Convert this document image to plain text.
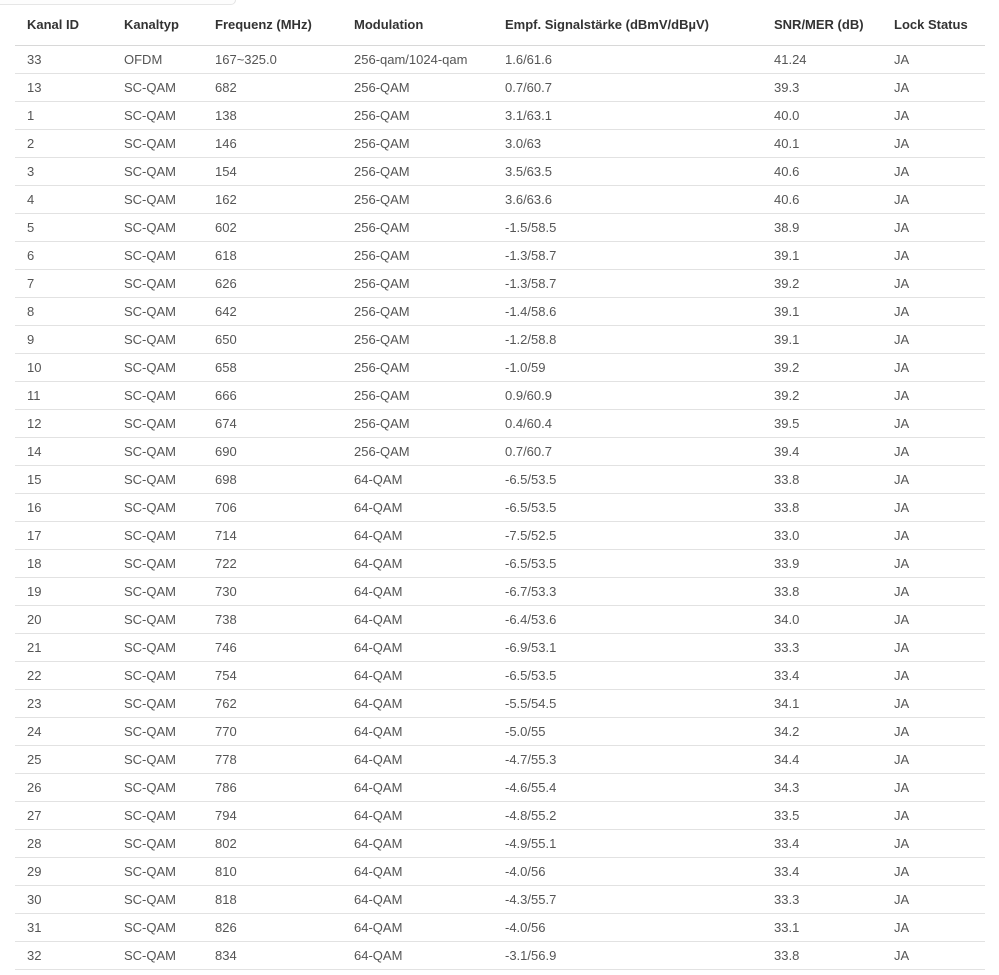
Kanal ID	Kanaltyp	Frequenz (MHz)	Modulation	Empf. Signalstärke (dBmV/dBµV)	SNR/MER (dB)	Lock Status
33	OFDM	167~325.0	256-qam/1024-qam	1.6/61.6	41.24	JA
13	SC-QAM	682	256-QAM	0.7/60.7	39.3	JA
1	SC-QAM	138	256-QAM	3.1/63.1	40.0	JA
2	SC-QAM	146	256-QAM	3.0/63	40.1	JA
3	SC-QAM	154	256-QAM	3.5/63.5	40.6	JA
4	SC-QAM	162	256-QAM	3.6/63.6	40.6	JA
5	SC-QAM	602	256-QAM	-1.5/58.5	38.9	JA
6	SC-QAM	618	256-QAM	-1.3/58.7	39.1	JA
7	SC-QAM	626	256-QAM	-1.3/58.7	39.2	JA
8	SC-QAM	642	256-QAM	-1.4/58.6	39.1	JA
9	SC-QAM	650	256-QAM	-1.2/58.8	39.1	JA
10	SC-QAM	658	256-QAM	-1.0/59	39.2	JA
11	SC-QAM	666	256-QAM	0.9/60.9	39.2	JA
12	SC-QAM	674	256-QAM	0.4/60.4	39.5	JA
14	SC-QAM	690	256-QAM	0.7/60.7	39.4	JA
15	SC-QAM	698	64-QAM	-6.5/53.5	33.8	JA
16	SC-QAM	706	64-QAM	-6.5/53.5	33.8	JA
17	SC-QAM	714	64-QAM	-7.5/52.5	33.0	JA
18	SC-QAM	722	64-QAM	-6.5/53.5	33.9	JA
19	SC-QAM	730	64-QAM	-6.7/53.3	33.8	JA
20	SC-QAM	738	64-QAM	-6.4/53.6	34.0	JA
21	SC-QAM	746	64-QAM	-6.9/53.1	33.3	JA
22	SC-QAM	754	64-QAM	-6.5/53.5	33.4	JA
23	SC-QAM	762	64-QAM	-5.5/54.5	34.1	JA
24	SC-QAM	770	64-QAM	-5.0/55	34.2	JA
25	SC-QAM	778	64-QAM	-4.7/55.3	34.4	JA
26	SC-QAM	786	64-QAM	-4.6/55.4	34.3	JA
27	SC-QAM	794	64-QAM	-4.8/55.2	33.5	JA
28	SC-QAM	802	64-QAM	-4.9/55.1	33.4	JA
29	SC-QAM	810	64-QAM	-4.0/56	33.4	JA
30	SC-QAM	818	64-QAM	-4.3/55.7	33.3	JA
31	SC-QAM	826	64-QAM	-4.0/56	33.1	JA
32	SC-QAM	834	64-QAM	-3.1/56.9	33.8	JA
